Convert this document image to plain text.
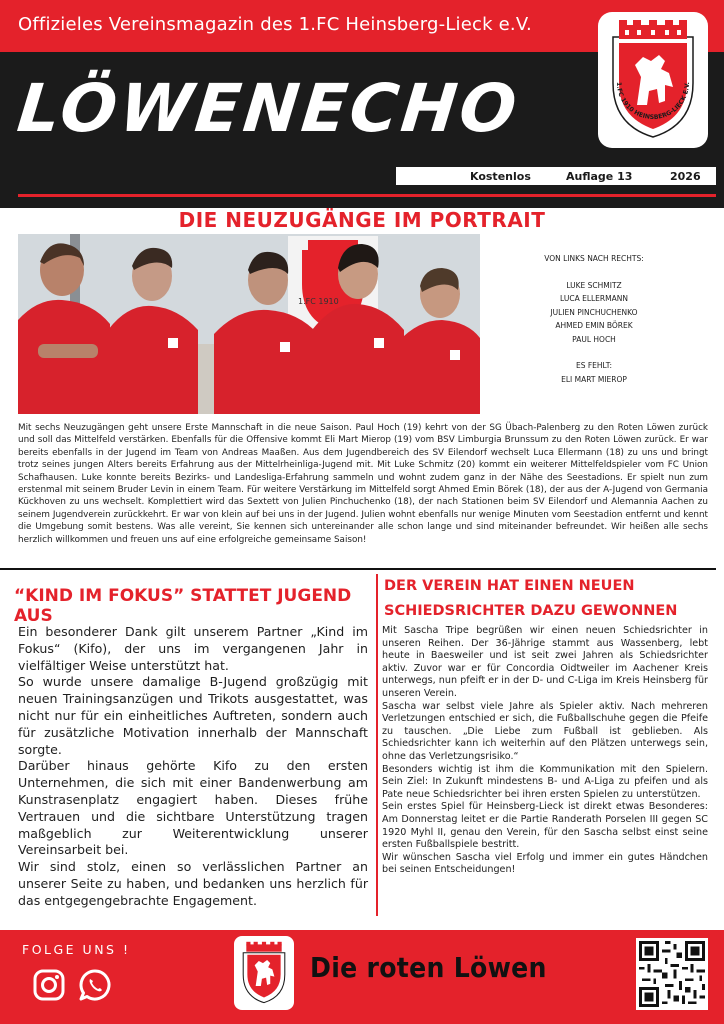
Offizieles Vereinsmagazin des 1.FC Heinsberg-Lieck e.V.
LÖWENECHO	1.FC 1910 HEINSBERG-LIECK E.V.
Kostenlos	Auflage 13	2026
DIE NEUZUGÄNGE IM PORTRAIT
1.FC 1910
VON LINKS NACH RECHTS:
LUKE SCHMITZ
LUCA ELLERMANN
JULIEN PINCHUCHENKO
AHMED EMIN BÖREK
PAUL HOCH
ES FEHLT:
ELI MART MIEROP
Mit sechs Neuzugängen geht unsere Erste Mannschaft in die neue Saison. Paul Hoch (19) kehrt von der SG Übach-Palenberg zu den Roten Löwen zurück und soll das Mittelfeld verstärken. Ebenfalls für die Offensive kommt Eli Mart Mierop (19) vom BSV Limburgia Brunssum zu den Roten Löwen zurück. Er war bereits ebenfalls in der Jugend im Team von Andreas Maaßen. Aus dem Jugendbereich des SV Eilendorf wechselt Luca Ellermann (18) zu uns und bringt trotz seines jungen Alters bereits Erfahrung aus der Mittelrheinliga-Jugend mit. Mit Luke Schmitz (20) kommt ein weiterer Mittelfeldspieler vom FC Union Schafhausen. Luke konnte bereits Bezirks- und Landesliga-Erfahrung sammeln und wohnt zudem ganz in der Nähe des Seestadions. Er spielt nun zum erstenmal mit seinem Bruder Levin in einem Team. Für weitere Verstärkung im Mittelfeld sorgt Ahmed Emin Börek (18), der aus der A-Jugend von Germania Kückhoven zu uns wechselt. Komplettiert wird das Sextett von Julien Pinchuchenko (18), der nach Stationen beim SV Eilendorf und Alemannia Aachen zu seinem Jugendverein zurückkehrt. Er war von klein auf bei uns in der Jugend. Julien wohnt ebenfalls nur wenige Minuten vom Seestadion entfernt und kennt die Umgebung somit bestens. Was alle vereint, Sie kennen sich untereinander alle schon lange und sind miteinander befreundet. Wir heißen alle sechs herzlich willkommen und freuen uns auf eine erfolgreiche gemeinsame Saison!
“KIND IM FOKUS” STATTET JUGEND AUS
Ein besonderer Dank gilt unserem Partner „Kind im Fokus“ (Kifo), der uns im vergangenen Jahr in vielfältiger Weise unterstützt hat.
So wurde unsere damalige B-Jugend großzügig mit neuen Trainingsanzügen und Trikots ausgestattet, was nicht nur für ein einheitliches Auftreten, sondern auch für zusätzliche Motivation innerhalb der Mannschaft sorgte.
Darüber hinaus gehörte Kifo zu den ersten Unternehmen, die sich mit einer Bandenwerbung am Kunstrasenplatz engagiert haben. Dieses frühe Vertrauen und die sichtbare Unterstützung tragen maßgeblich zur Weiterentwicklung unserer Vereinsarbeit bei.
Wir sind stolz, einen so verlässlichen Partner an unserer Seite zu haben, und bedanken uns herzlich für das entgegengebrachte Engagement.
DER VEREIN HAT EINEN NEUEN
SCHIEDSRICHTER DAZU GEWONNEN
Mit Sascha Tripe begrüßen wir einen neuen Schiedsrichter in unseren Reihen. Der 36-Jährige stammt aus Wassenberg, lebt heute in Baesweiler und ist seit zwei Jahren als Schiedsrichter aktiv. Zuvor war er für Concordia Oidtweiler im Aachener Kreis unterwegs, nun pfeift er in der D- und C-Liga im Kreis Heinsberg für unseren Verein.
Sascha war selbst viele Jahre als Spieler aktiv. Nach mehreren Verletzungen entschied er sich, die Fußballschuhe gegen die Pfeife zu tauschen. „Die Liebe zum Fußball ist geblieben. Als Schiedsrichter kann ich weiterhin auf den Plätzen unterwegs sein, ohne das Verletzungsrisiko.“
Besonders wichtig ist ihm die Kommunikation mit den Spielern. Sein Ziel: In Zukunft mindestens B- und A-Liga zu pfeifen und als Pate neue Schiedsrichter bei ihren ersten Spielen zu unterstützen.
Sein erstes Spiel für Heinsberg-Lieck ist direkt etwas Besonderes: Am Donnerstag leitet er die Partie Randerath Porselen III gegen SC 1920 Myhl II, genau den Verein, für den Sascha selbst einst seine ersten Fußballspiele bestritt.
Wir wünschen Sascha viel Erfolg und immer ein gutes Händchen bei seinen Entscheidungen!
FOLGE UNS !
Die roten Löwen
